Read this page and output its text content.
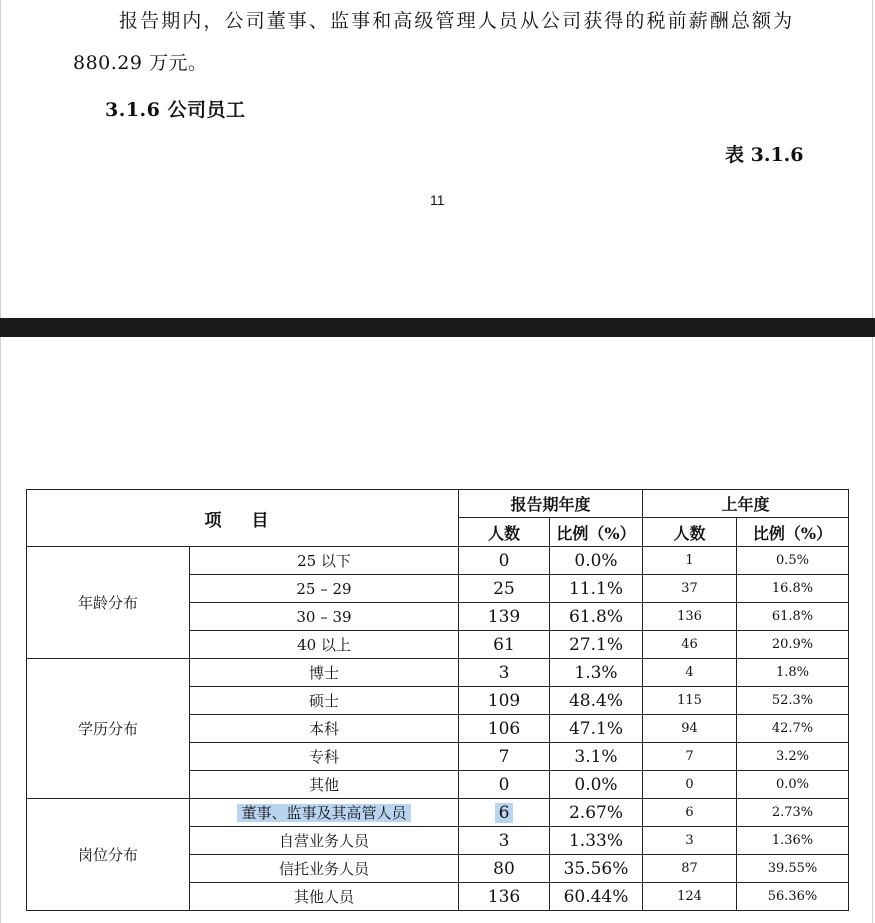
报告期内，公司董事、监事和高级管理人员从公司获得的税前薪酬总额为
880.29 万元。
3.1.6 公司员工
表 3.1.6
11
项 目		报告期年度		上年度	
		人数	比例（%）	人数	比例（%）
年龄分布	25 以下	0	0.0%	1	0.5%
	25 – 29	25	11.1%	37	16.8%
	30 – 39	139	61.8%	136	61.8%
	40 以上	61	27.1%	46	20.9%
学历分布	博士	3	1.3%	4	1.8%
	硕士	109	48.4%	115	52.3%
	本科	106	47.1%	94	42.7%
	专科	7	3.1%	7	3.2%
	其他	0	0.0%	0	0.0%
岗位分布	董事、监事及其高管人员	6	2.67%	6	2.73%
	自营业务人员	3	1.33%	3	1.36%
	信托业务人员	80	35.56%	87	39.55%
	其他人员	136	60.44%	124	56.36%
